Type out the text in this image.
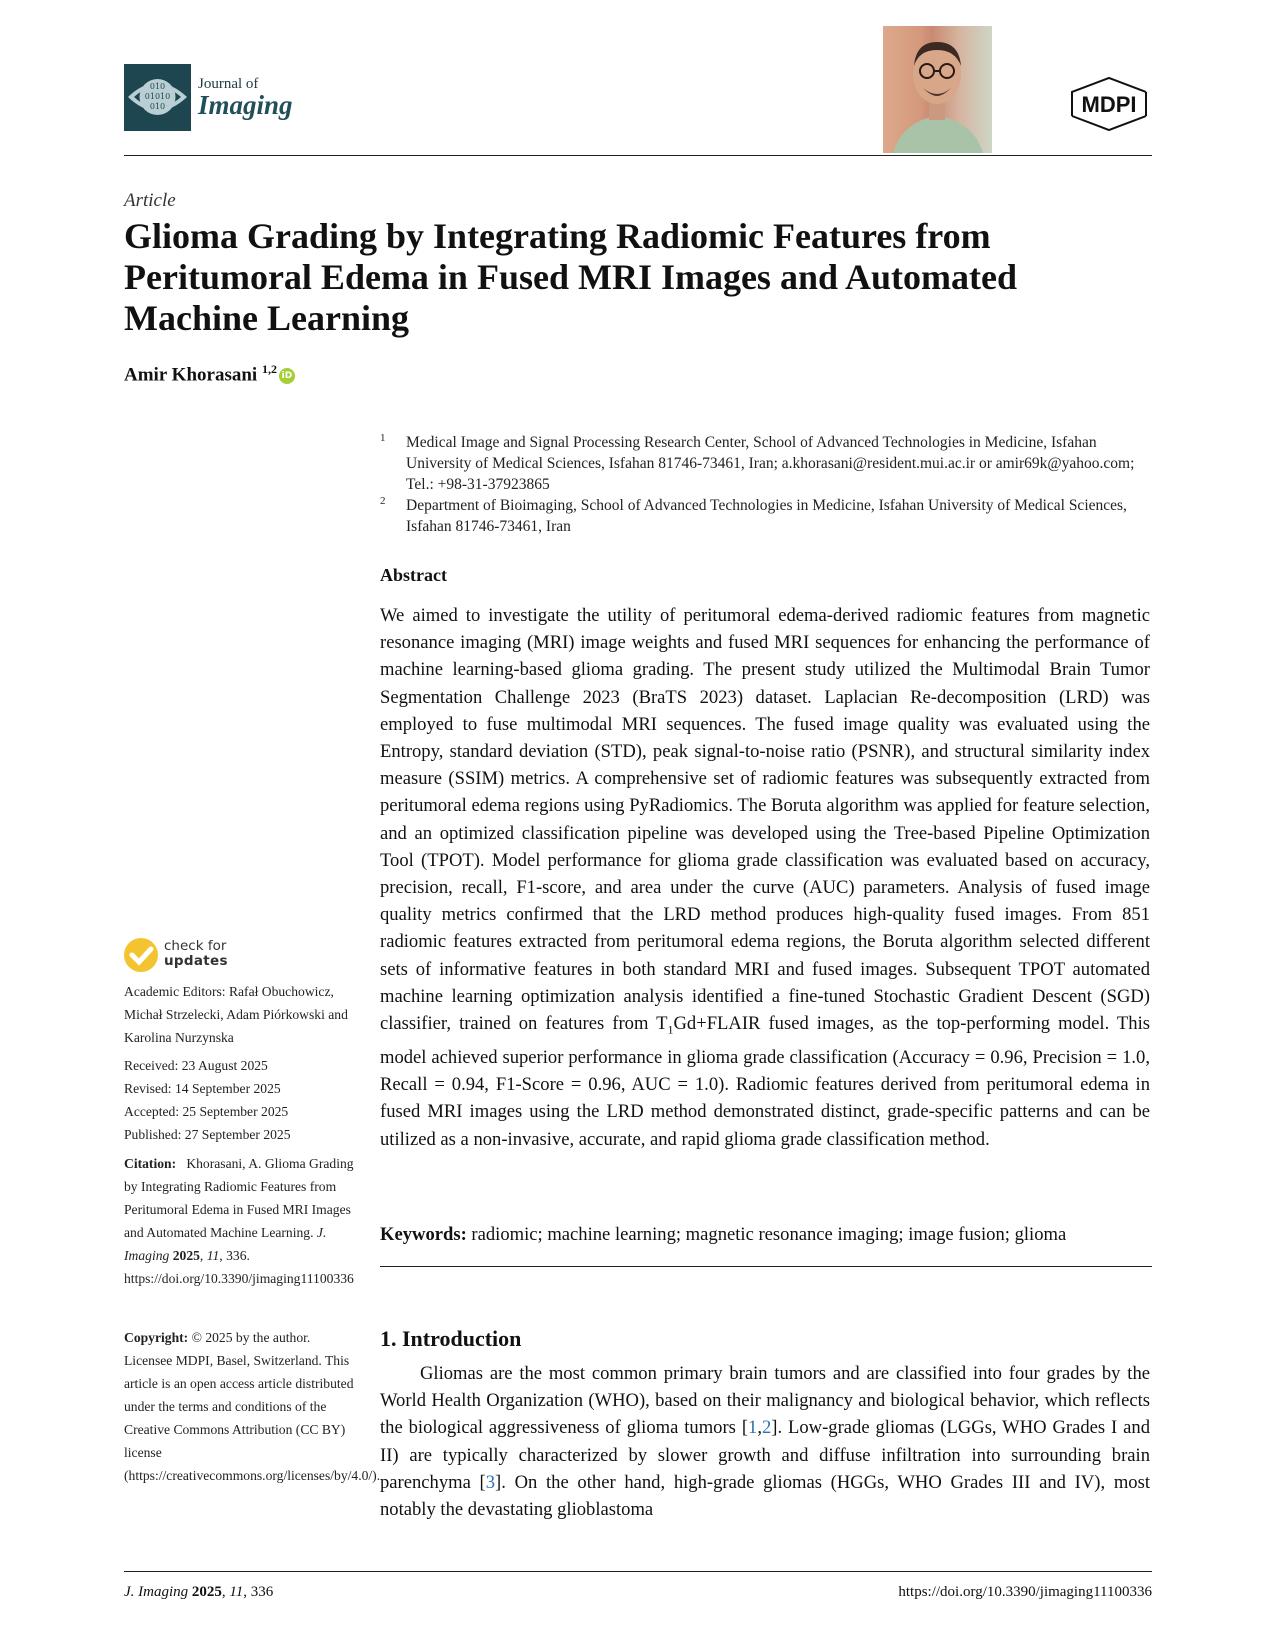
010
01010
010
Journal of
Imaging	MDPI
Article
Glioma Grading by Integrating Radiomic Features from Peritumoral Edema in Fused MRI Images and Automated Machine Learning
Amir Khorasani $^{1,2}$iD
1 Medical Image and Signal Processing Research Center, School of Advanced Technologies in Medicine, Isfahan University of Medical Sciences, Isfahan 81746-73461, Iran; a.khorasani@resident.mui.ac.ir or amir69k@yahoo.com; Tel.: +98-31-37923865
2 Department of Bioimaging, School of Advanced Technologies in Medicine, Isfahan University of Medical Sciences, Isfahan 81746-73461, Iran
Abstract
We aimed to investigate the utility of peritumoral edema-derived radiomic features from magnetic resonance imaging (MRI) image weights and fused MRI sequences for enhancing the performance of machine learning-based glioma grading. The present study utilized the Multimodal Brain Tumor Segmentation Challenge 2023 (BraTS 2023) dataset. Laplacian Re-decomposition (LRD) was employed to fuse multimodal MRI sequences. The fused image quality was evaluated using the Entropy, standard deviation (STD), peak signal-to-noise ratio (PSNR), and structural similarity index measure (SSIM) metrics. A comprehensive set of radiomic features was subsequently extracted from peritumoral edema regions using PyRadiomics. The Boruta algorithm was applied for feature selection, and an optimized classification pipeline was developed using the Tree-based Pipeline Optimization Tool (TPOT). Model performance for glioma grade classification was evaluated based on accuracy, precision, recall, F1-score, and area under the curve (AUC) parameters. Analysis of fused image quality metrics confirmed that the LRD method produces high-quality fused images. From 851 radiomic features extracted from peritumoral edema regions, the Boruta algorithm selected different sets of informative features in both standard MRI and fused images. Subsequent TPOT automated machine learning optimization analysis identified a fine-tuned Stochastic Gradient Descent (SGD) classifier, trained on features from $T_1Gd+FLAIR$ fused images, as the top-performing model. This model achieved superior performance in glioma grade classification (Accuracy = 0.96, Precision = 1.0, Recall = 0.94, F1-Score = 0.96, AUC = 1.0). Radiomic features derived from peritumoral edema in fused MRI images using the LRD method demonstrated distinct, grade-specific patterns and can be utilized as a non-invasive, accurate, and rapid glioma grade classification method.
Keywords: radiomic; machine learning; magnetic resonance imaging; image fusion; glioma
check for
updates
Academic Editors: Rafał Obuchowicz, Michał Strzelecki, Adam Piórkowski and Karolina Nurzynska
Received: 23 August 2025
Revised: 14 September 2025
Accepted: 25 September 2025
Published: 27 September 2025
Citation: Khorasani, A. Glioma Grading by Integrating Radiomic Features from Peritumoral Edema in Fused MRI Images and Automated Machine Learning. J. Imaging 2025, 11, 336. https://doi.org/10.3390/jimaging11100336
Copyright: © 2025 by the author. Licensee MDPI, Basel, Switzerland. This article is an open access article distributed under the terms and conditions of the Creative Commons Attribution (CC BY) license (https://creativecommons.org/licenses/by/4.0/).
1. Introduction
Gliomas are the most common primary brain tumors and are classified into four grades by the World Health Organization (WHO), based on their malignancy and biological behavior, which reflects the biological aggressiveness of glioma tumors [1,2]. Low-grade gliomas (LGGs, WHO Grades I and II) are typically characterized by slower growth and diffuse infiltration into surrounding brain parenchyma [3]. On the other hand, high-grade gliomas (HGGs, WHO Grades III and IV), most notably the devastating glioblastoma
J. Imaging 2025, 11, 336	https://doi.org/10.3390/jimaging11100336
